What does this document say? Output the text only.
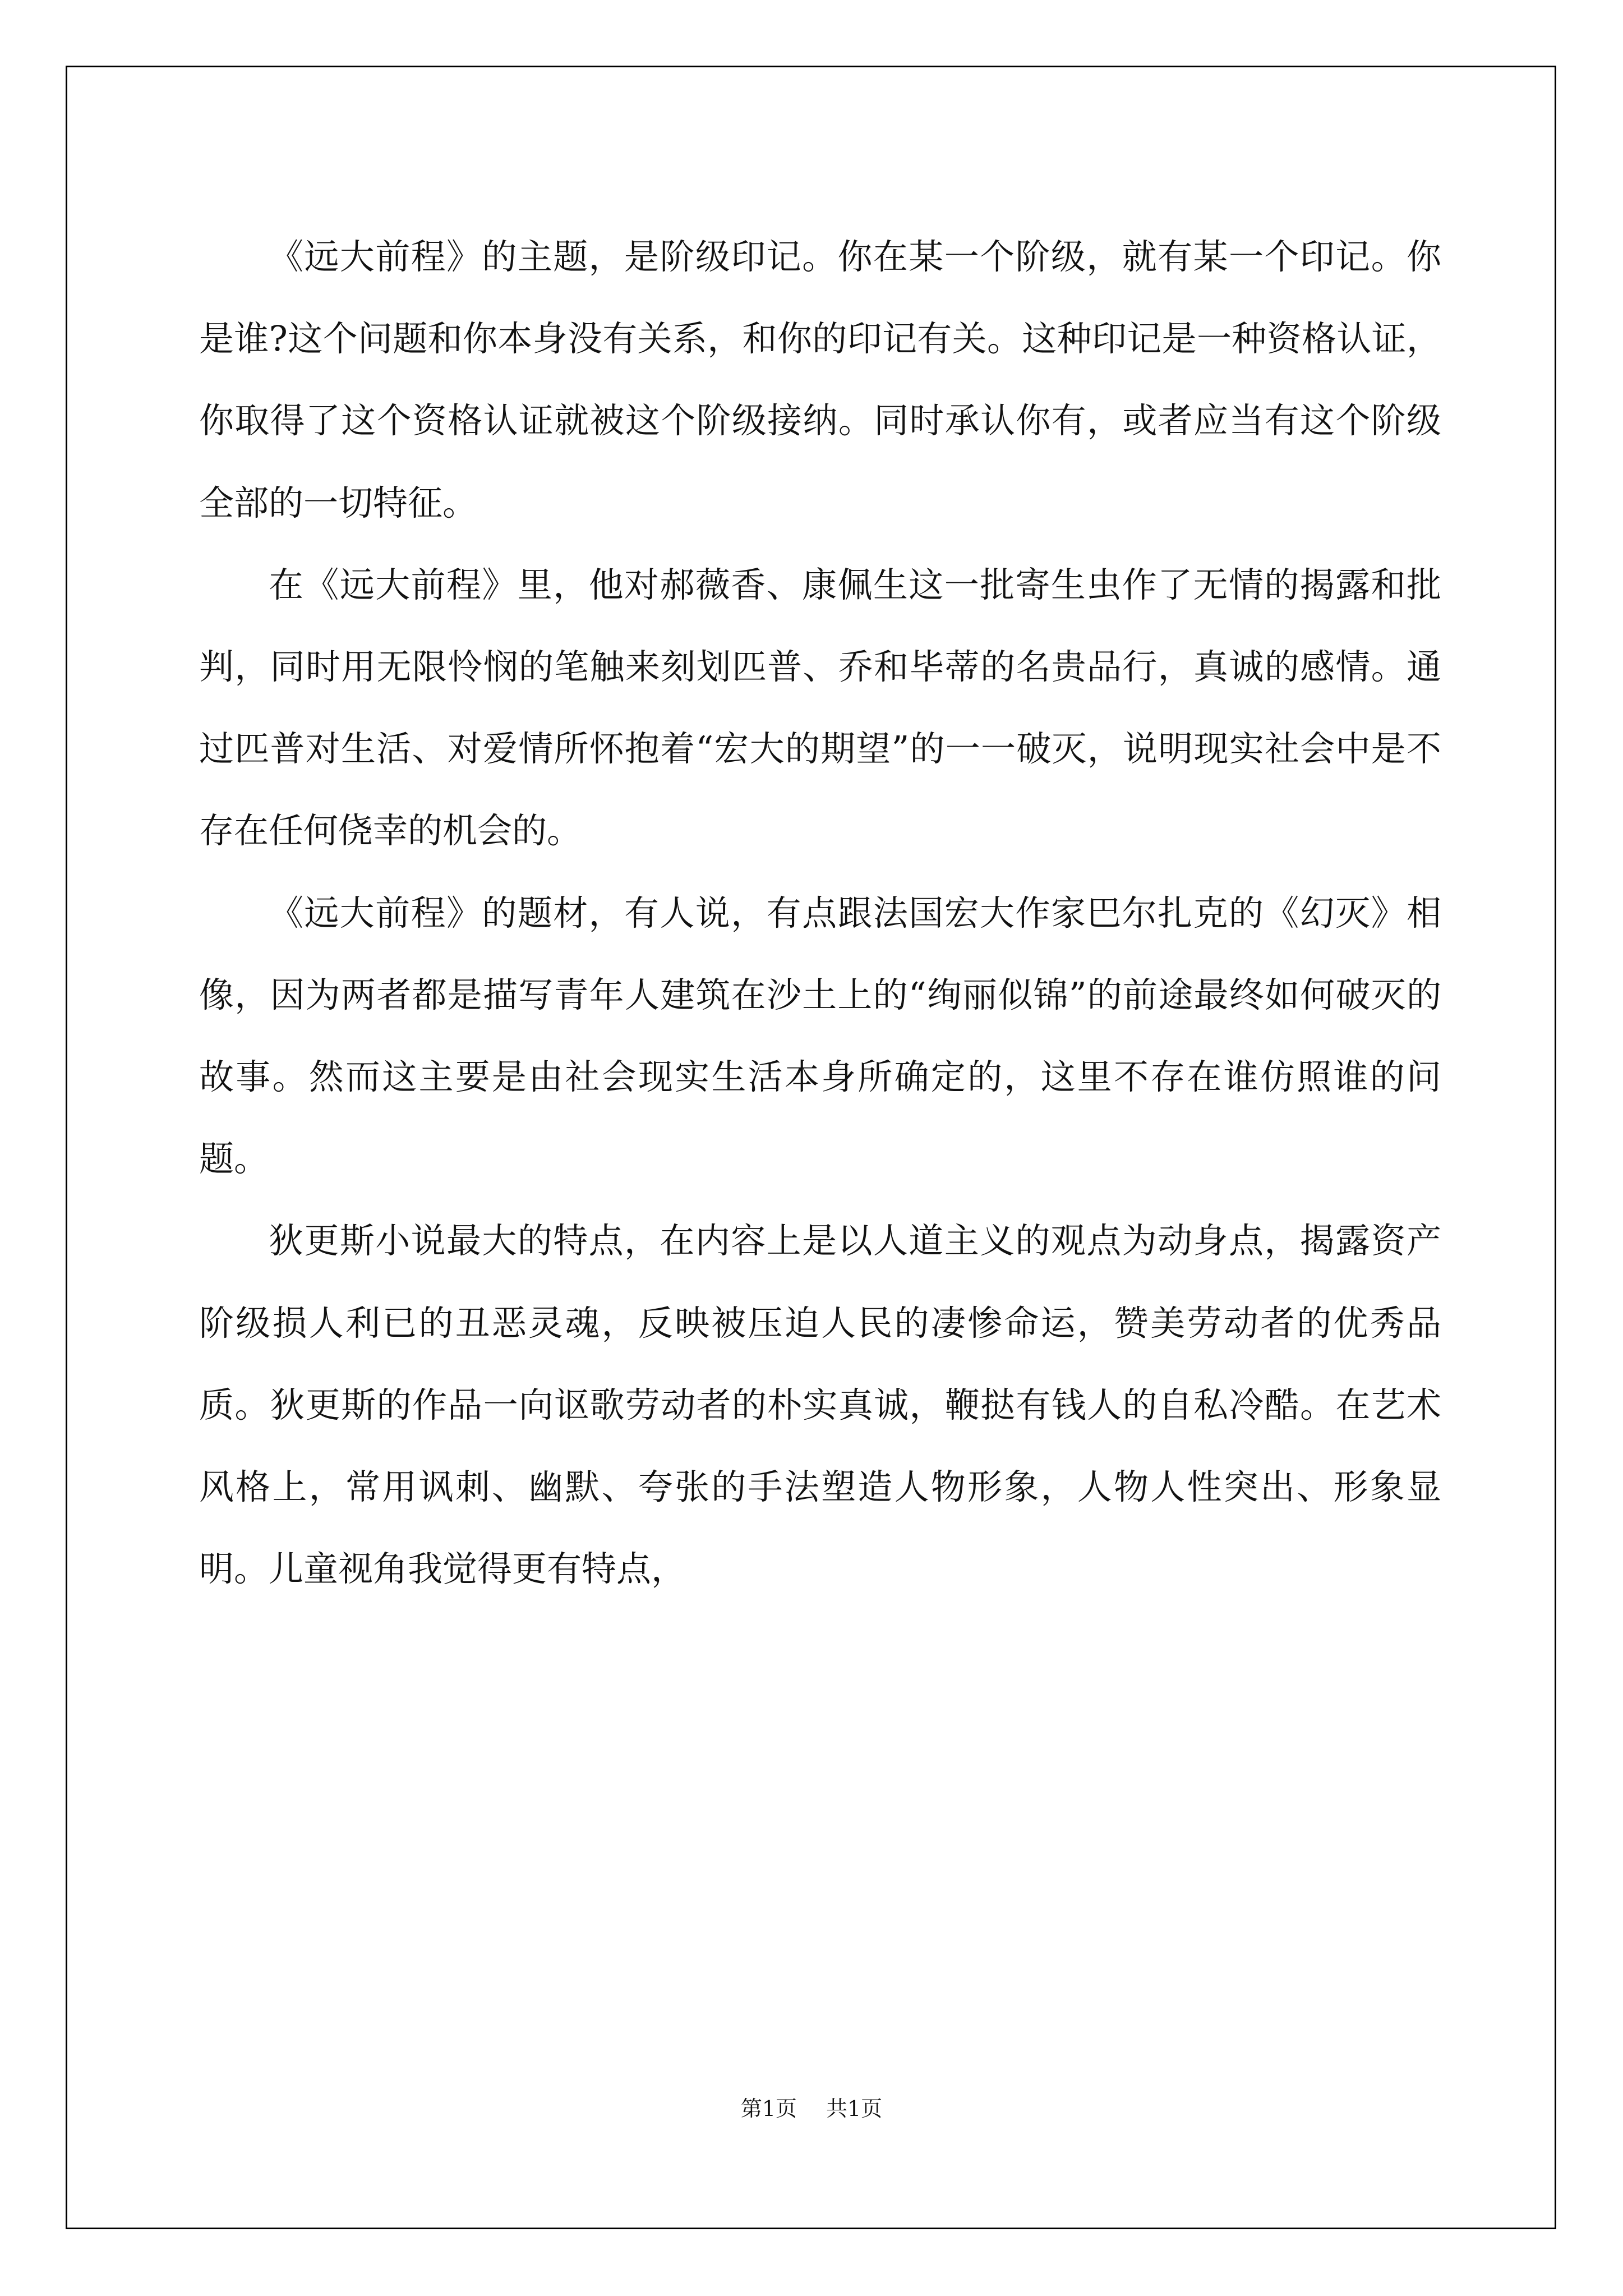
《远大前程》的主题，是阶级印记。你在某一个阶级，就有某一个印记。你是谁?这个问题和你本身没有关系，和你的印记有关。这种印记是一种资格认证，你取得了这个资格认证就被这个阶级接纳。同时承认你有，或者应当有这个阶级全部的一切特征。

在《远大前程》里，他对郝薇香、康佩生这一批寄生虫作了无情的揭露和批判，同时用无限怜悯的笔触来刻划匹普、乔和毕蒂的名贵品行，真诚的感情。通过匹普对生活、对爱情所怀抱着“宏大的期望”的一一破灭，说明现实社会中是不存在任何侥幸的机会的。

《远大前程》的题材，有人说，有点跟法国宏大作家巴尔扎克的《幻灭》相像，因为两者都是描写青年人建筑在沙土上的“绚丽似锦”的前途最终如何破灭的故事。然而这主要是由社会现实生活本身所确定的，这里不存在谁仿照谁的问题。

狄更斯小说最大的特点，在内容上是以人道主义的观点为动身点，揭露资产阶级损人利已的丑恶灵魂，反映被压迫人民的凄惨命运，赞美劳动者的优秀品质。狄更斯的作品一向讴歌劳动者的朴实真诚，鞭挞有钱人的自私冷酷。在艺术风格上，常用讽刺、幽默、夸张的手法塑造人物形象，人物人性突出、形象显明。儿童视角我觉得更有特点，

第1页 共1页
